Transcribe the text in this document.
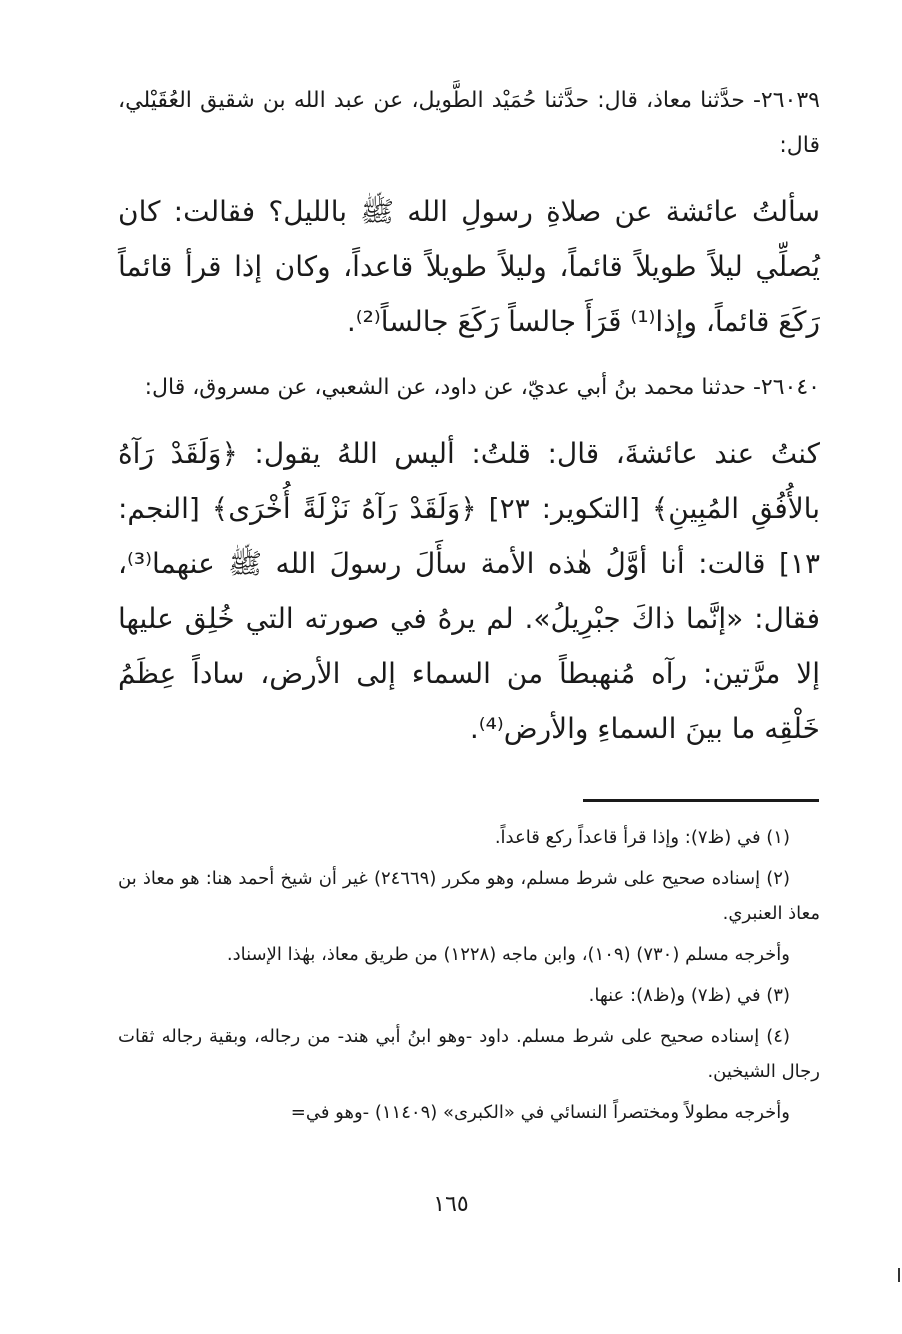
٢٦٠٣٩- حدَّثنا معاذ، قال: حدَّثنا حُمَيْد الطَّويل، عن عبد الله بن شقيق العُقَيْلي، قال:

سألتُ عائشة عن صلاةِ رسولِ الله ﷺ بالليل؟ فقالت: كان يُصلِّي ليلاً طويلاً قائماً، وليلاً طويلاً قاعداً، وكان إذا قرأ قائماً رَكَعَ قائماً، وإذا⁽¹⁾ قَرَأَ جالساً رَكَعَ جالساً⁽²⁾.

٢٦٠٤٠- حدثنا محمد بنُ أبي عديّ، عن داود، عن الشعبي، عن مسروق، قال:

كنتُ عند عائشةَ، قال: قلتُ: أليس اللهُ يقول: ﴿وَلَقَدْ رَآهُ بالأُفُقِ المُبِينِ﴾ [التكوير: ٢٣] ﴿وَلَقَدْ رَآهُ نَزْلَةً أُخْرَى﴾ [النجم: ١٣] قالت: أنا أوَّلُ هٰذه الأمة سأَلَ رسولَ الله ﷺ عنهما⁽³⁾، فقال: «إنَّما ذاكَ جبْرِيلُ». لم يرهُ في صورته التي خُلِق عليها إلا مرَّتين: رآه مُنهبطاً من السماء إلى الأرض، ساداً عِظَمُ خَلْقِه ما بينَ السماءِ والأرض⁽⁴⁾.

(١) في (ظ٧): وإذا قرأ قاعداً ركع قاعداً.

(٢) إسناده صحيح على شرط مسلم، وهو مكرر (٢٤٦٦٩) غير أن شيخ أحمد هنا: هو معاذ بن معاذ العنبري.

وأخرجه مسلم (٧٣٠) (١٠٩)، وابن ماجه (١٢٢٨) من طريق معاذ، بهٰذا الإسناد.

(٣) في (ظ٧) و(ظ٨): عنها.

(٤) إسناده صحيح على شرط مسلم. داود -وهو ابنُ أبي هند- من رجاله، وبقية رجاله ثقات رجال الشيخين.

وأخرجه مطولاً ومختصراً النسائي في «الكبرى» (١١٤٠٩) -وهو في=

١٦٥
